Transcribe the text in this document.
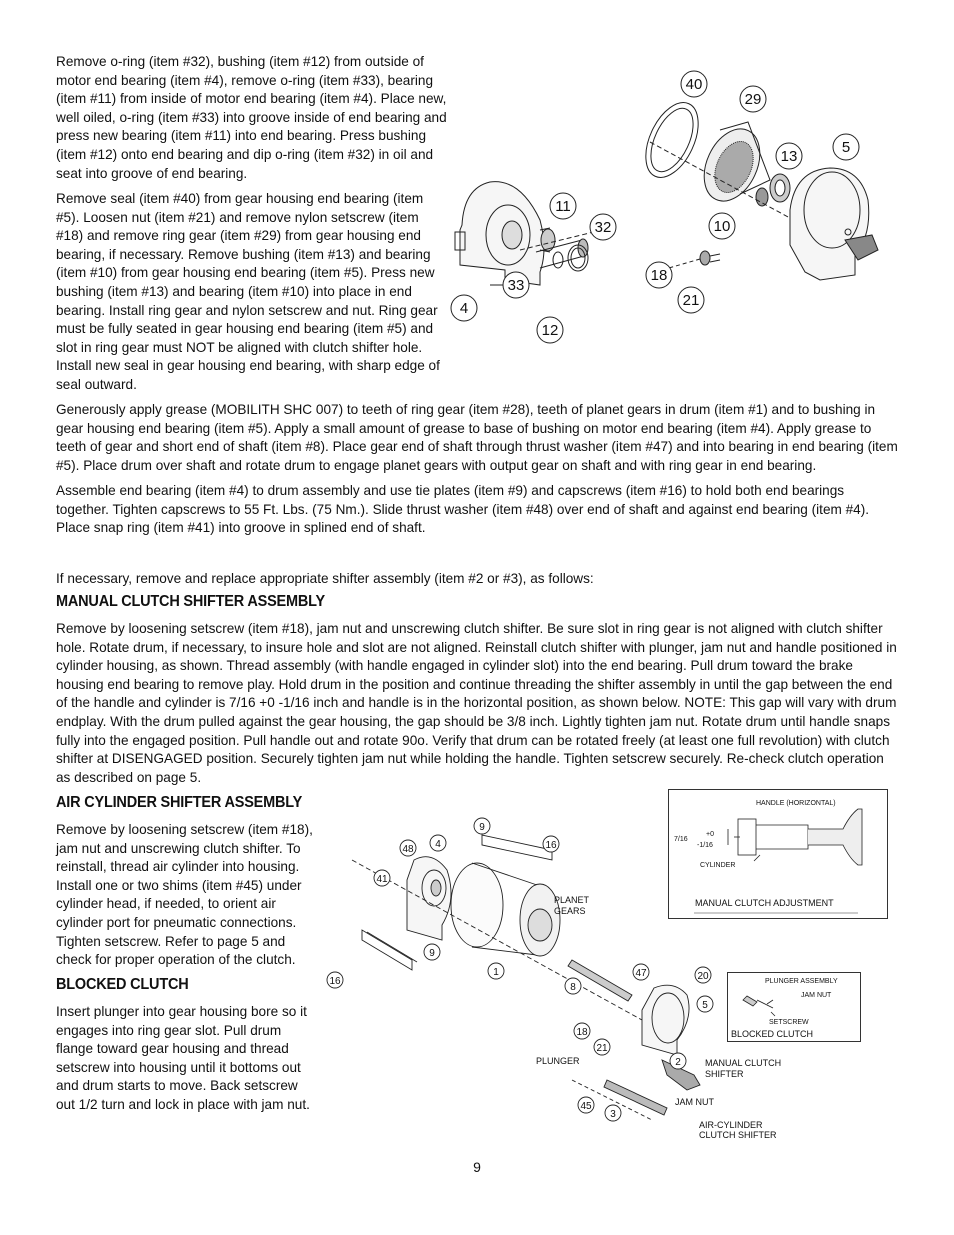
Remove o-ring (item #32), bushing (item #12) from outside of motor end bearing (item #4), remove o-ring (item #33), bearing (item #11) from inside of motor end bearing (item #4). Place new, well oiled, o-ring (item #33) into groove inside of end bearing and press new bearing (item #11) into end bearing. Press bushing (item #12) onto end bearing and dip o-ring (item #32) in oil and seat into groove of end bearing.

Remove seal (item #40) from gear housing end bearing (item #5). Loosen nut (item #21) and remove nylon setscrew (item #18) and remove ring gear (item #29) from gear housing end bearing, if necessary. Remove bushing (item #13) and bearing (item #10) from gear housing end bearing (item #5). Press new bushing (item #13) and bearing (item #10) into place in end bearing. Install ring gear and nylon setscrew and nut. Ring gear must be fully seated in gear housing end bearing (item #5) and slot in ring gear must NOT be aligned with clutch shifter hole. Install new seal in gear housing end bearing, with sharp edge of seal outward.

Generously apply grease (MOBILITH SHC 007) to teeth of ring gear (item #28), teeth of planet gears in drum (item #1) and to bushing in gear housing end bearing (item #5). Apply a small amount of grease to base of bushing on motor end bearing (item #4). Apply grease to teeth of gear and short end of shaft (item #8). Place gear end of shaft through thrust washer (item #47) and into bearing in end bearing (item #5). Place drum over shaft and rotate drum to engage planet gears with output gear on shaft and with ring gear in end bearing.

Assemble end bearing (item #4) to drum assembly and use tie plates (item #9) and capscrews (item #16) to hold both end bearings together. Tighten capscrews to 55 Ft. Lbs. (75 Nm.). Slide thrust washer (item #48) over end of shaft and against end bearing (item #4). Place snap ring (item #41) into groove in splined end of shaft.

If necessary, remove and replace appropriate shifter assembly (item #2 or #3), as follows:

MANUAL CLUTCH SHIFTER ASSEMBLY

Remove by loosening setscrew (item #18), jam nut and unscrewing clutch shifter. Be sure slot in ring gear is not aligned with clutch shifter hole. Rotate drum, if necessary, to insure hole and slot are not aligned. Reinstall clutch shifter with plunger, jam nut and handle positioned in cylinder housing, as shown. Thread assembly (with handle engaged in cylinder slot) into the end bearing. Pull drum toward the brake housing end bearing to remove play. Hold drum in the position and continue threading the shifter assembly in until the gap between the end of the handle and cylinder is 7/16 +0 -1/16 inch and handle is in the horizontal position, as shown below. NOTE: This gap will vary with drum endplay. With the drum pulled against the gear housing, the gap should be 3/8 inch. Lightly tighten jam nut. Rotate drum until handle snaps fully into the engaged position. Pull handle out and rotate 90o. Verify that drum can be rotated freely (at least one full revolution) with clutch shifter at DISENGAGED position. Securely tighten jam nut while holding the handle. Tighten setscrew securely. Re-check clutch operation as described on page 5.

AIR CYLINDER SHIFTER ASSEMBLY

Remove by loosening setscrew (item #18), jam nut and unscrewing clutch shifter. To reinstall, thread air cylinder into housing. Install one or two shims (item #45) under cylinder head, if needed, to orient air cylinder port for pneumatic connections. Tighten setscrew. Refer to page 5 and check for proper operation of the clutch.

BLOCKED CLUTCH

Insert plunger into gear housing bore so it engages into ring gear slot. Pull drum flange toward gear housing and thread setscrew into housing until it bottoms out and drum starts to move. Back setscrew out 1/2 turn and lock in place with jam nut.

40
29
13
5
11
32	10
18
21
33
4
12
9
48 4	16
41
9
16
1
8
47	20
5
18
21
2
45
3
PLANET
GEARS
PLUNGER	MANUAL CLUTCH
SHIFTER
JAM NUT
AIR-CYLINDER
CLUTCH SHIFTER
HANDLE (HORIZONTAL)
7/16
+0
-1/16
CYLINDER
MANUAL CLUTCH ADJUSTMENT
PLUNGER ASSEMBLY
JAM NUT
SETSCREW
BLOCKED CLUTCH
9
